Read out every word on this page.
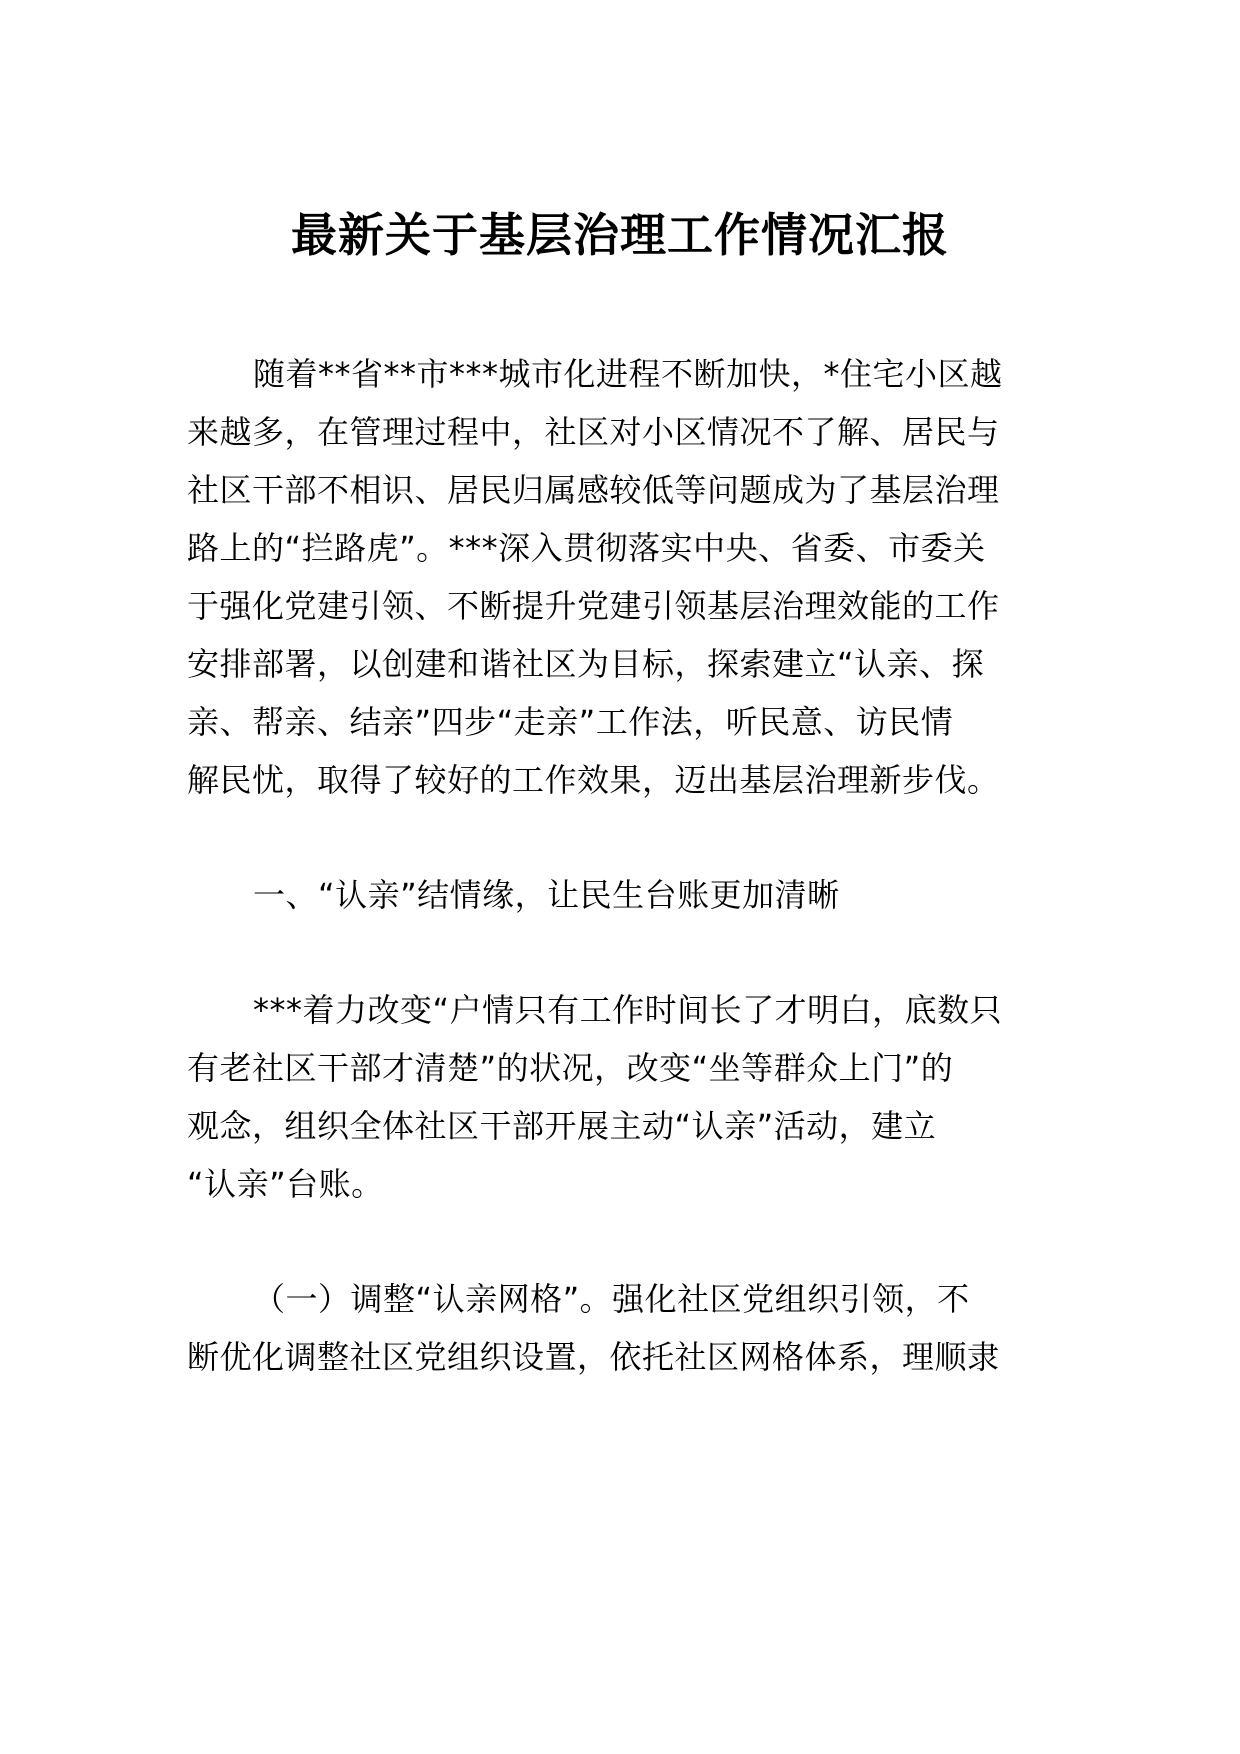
最新关于基层治理工作情况汇报
随着**省**市***城市化进程不断加快，*住宅小区越
来越多，在管理过程中，社区对小区情况不了解、居民与
社区干部不相识、居民归属感较低等问题成为了基层治理
路上的“拦路虎”。***深入贯彻落实中央、省委、市委关
于强化党建引领、不断提升党建引领基层治理效能的工作
安排部署，以创建和谐社区为目标，探索建立“认亲、探
亲、帮亲、结亲”四步“走亲”工作法，听民意、访民情
解民忧，取得了较好的工作效果，迈出基层治理新步伐。
一、“认亲”结情缘，让民生台账更加清晰
***着力改变“户情只有工作时间长了才明白，底数只
有老社区干部才清楚”的状况，改变“坐等群众上门”的
观念，组织全体社区干部开展主动“认亲”活动，建立
“认亲”台账。
（一）调整“认亲网格”。强化社区党组织引领，不
断优化调整社区党组织设置，依托社区网格体系，理顺隶
